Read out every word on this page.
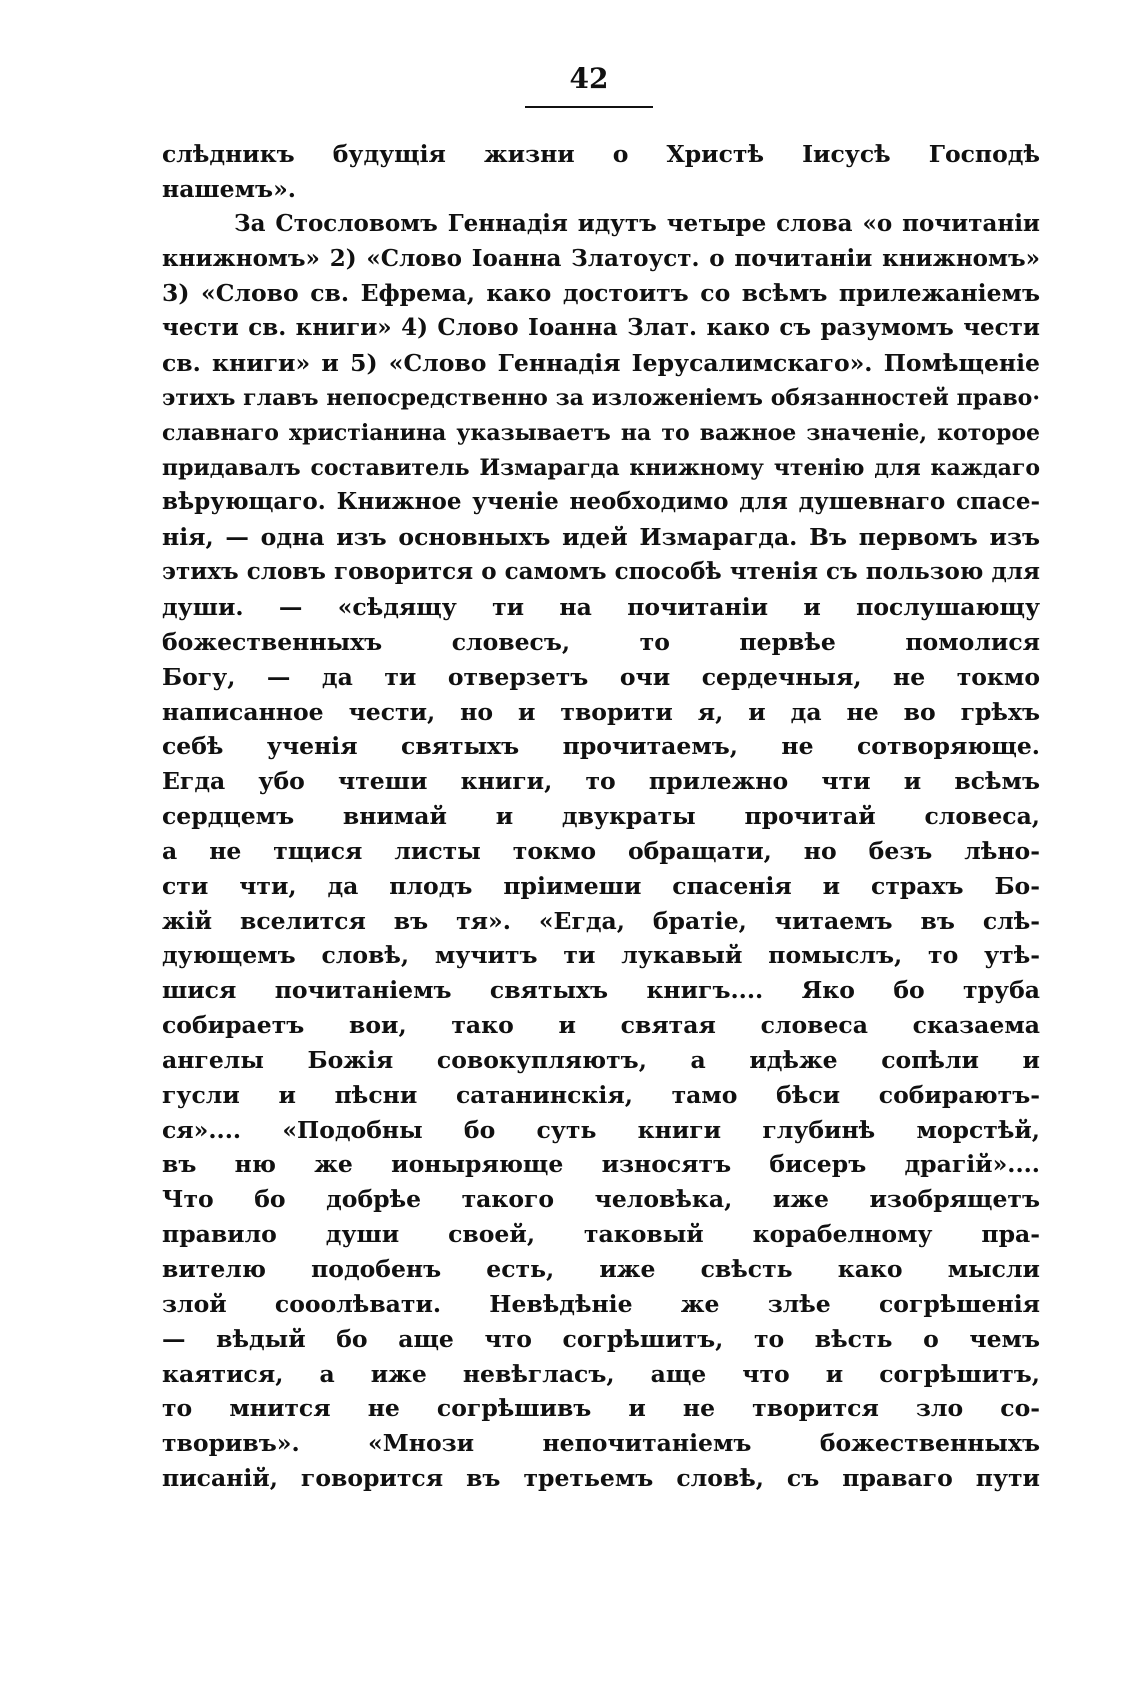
42
слѣдникъ будущія жизни о Христѣ Іисусѣ Господѣ
нашемъ».
За Стословомъ Геннадія идутъ четыре слова «о почитаніи
книжномъ» 2) «Слово Іоанна Златоуст. о почитаніи книжномъ»
3) «Слово св. Ефрема, како достоитъ со всѣмъ прилежаніемъ
чести св. книги» 4) Слово Іоанна Злат. како съ разумомъ чести
св. книги» и 5) «Слово Геннадія Іерусалимскаго». Помѣщеніе
этихъ главъ непосредственно за изложеніемъ обязанностей право·
славнаго христіанина указываетъ на то важное значеніе, которое
придавалъ составитель Измарагда книжному чтенію для каждаго
вѣрующаго. Книжное ученіе необходимо для душевнаго спасе-
нія, — одна изъ основныхъ идей Измарагда. Въ первомъ изъ
этихъ словъ говорится о самомъ способѣ чтенія съ пользою для
души. — «сѣдящу ти на почитаніи и послушающу
божественныхъ словесъ, то первѣе помолися
Богу, — да ти отверзетъ очи сердечныя, не токмо
написанное чести, но и творити я, и да не во грѣхъ
себѣ ученія святыхъ прочитаемъ, не сотворяюще.
Егда убо чтеши книги, то прилежно чти и всѣмъ
сердцемъ внимай и двукраты прочитай словеса,
а не тщися листы токмо обращати, но безъ лѣно-
сти чти, да плодъ пріимеши спасенія и страхъ Бо-
жій вселится въ тя». «Егда, братіе, читаемъ въ слѣ-
дующемъ словѣ, мучитъ ти лукавый помыслъ, то утѣ-
шися почитаніемъ святыхъ книгъ.... Яко бо труба
собираетъ вои, тако и святая словеса сказаема
ангелы Божія совокупляютъ, а идѣже сопѣли и
гусли и пѣсни сатанинскія, тамо бѣси собираютъ-
ся».... «Подобны бо суть книги глубинѣ морстѣй,
въ ню же ионыряюще износятъ бисеръ драгій»....
Что бо добрѣе такого человѣка, иже изобрящетъ
правило души своей, таковый корабелному пра-
вителю подобенъ есть, иже свѣсть како мысли
злой сооолѣвати. Невѣдѣніе же злѣе согрѣшенія
— вѣдый бо аще что согрѣшитъ, то вѣсть о чемъ
каятися, а иже невѣгласъ, аще что и согрѣшитъ,
то мнится не согрѣшивъ и не творится зло со-
творивъ». «Мнози непочитаніемъ божественныхъ
писаній, говорится въ третьемъ словѣ, съ праваго пути
